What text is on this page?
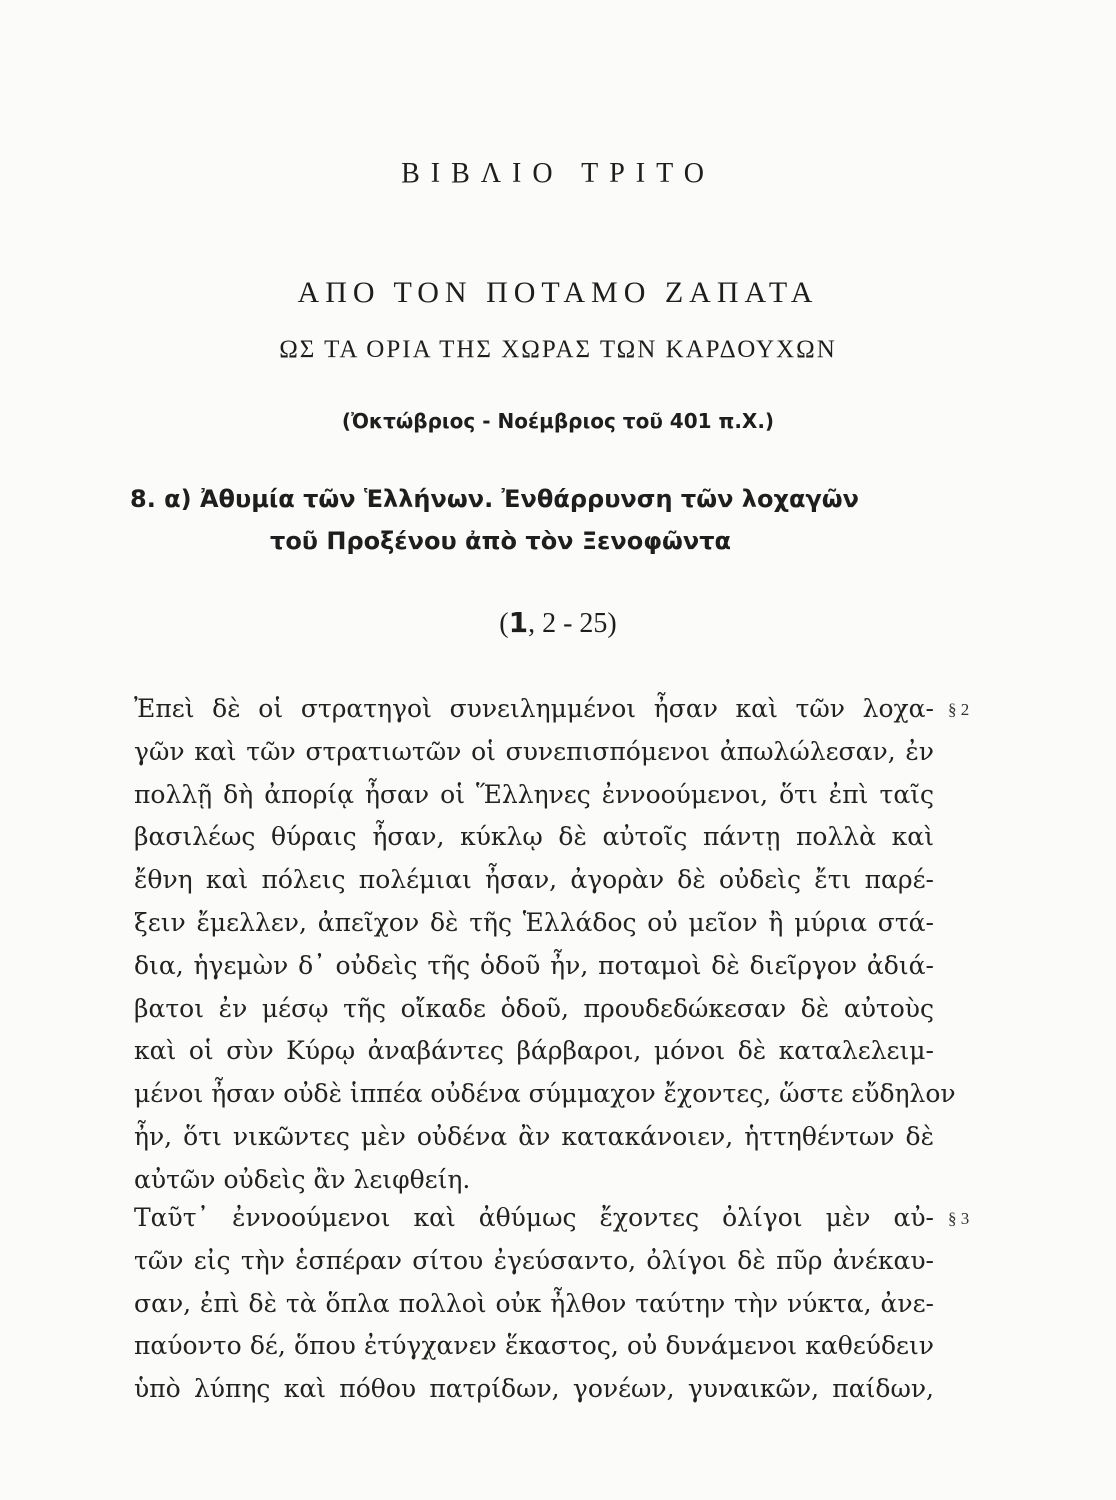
ΒΙΒΛΙΟ ΤΡΙΤΟ
ΑΠΟ ΤΟΝ ΠΟΤΑΜΟ ΖΑΠΑΤΑ
ΩΣ ΤΑ ΟΡΙΑ ΤΗΣ ΧΩΡΑΣ ΤΩΝ ΚΑΡΔΟΥΧΩΝ

(Ὀκτώβριος - Νοέμβριος τοῦ 401 π.Χ.)

8. α) Ἀθυμία τῶν Ἑλλήνων. Ἐνθάρρυνση τῶν λοχαγῶν
τοῦ Προξένου ἀπὸ τὸν Ξενοφῶντα

(1, 2 - 25)

Ἐπεὶ δὲ οἱ στρατηγοὶ συνειλημμένοι ἦσαν καὶ τῶν λοχα-
γῶν καὶ τῶν στρατιωτῶν οἱ συνεπισπόμενοι ἀπωλώλεσαν, ἐν
πολλῇ δὴ ἀπορίᾳ ἦσαν οἱ Ἕλληνες ἐννοούμενοι, ὅτι ἐπὶ ταῖς
βασιλέως θύραις ἦσαν, κύκλῳ δὲ αὐτοῖς πάντῃ πολλὰ καὶ
ἔθνη καὶ πόλεις πολέμιαι ἦσαν, ἀγορὰν δὲ οὐδεὶς ἔτι παρέ-
ξειν ἔμελλεν, ἀπεῖχον δὲ τῆς Ἑλλάδος οὐ μεῖον ἢ μύρια στά-
δια, ἡγεμὼν δ᾽ οὐδεὶς τῆς ὁδοῦ ἦν, ποταμοὶ δὲ διεῖργον ἀδιά-
βατοι ἐν μέσῳ τῆς οἴκαδε ὁδοῦ, προυδεδώκεσαν δὲ αὐτοὺς
καὶ οἱ σὺν Κύρῳ ἀναβάντες βάρβαροι, μόνοι δὲ καταλελειμ-
μένοι ἦσαν οὐδὲ ἱππέα οὐδένα σύμμαχον ἔχοντες, ὥστε εὔδηλον
ἦν, ὅτι νικῶντες μὲν οὐδένα ἂν κατακάνοιεν, ἡττηθέντων δὲ
αὐτῶν οὐδεὶς ἂν λειφθείη.
§ 2
Ταῦτ᾽ ἐννοούμενοι καὶ ἀθύμως ἔχοντες ὀλίγοι μὲν αὐ-
τῶν εἰς τὴν ἑσπέραν σίτου ἐγεύσαντο, ὀλίγοι δὲ πῦρ ἀνέκαυ-
σαν, ἐπὶ δὲ τὰ ὅπλα πολλοὶ οὐκ ἦλθον ταύτην τὴν νύκτα, ἀνε-
παύοντο δέ, ὅπου ἐτύγχανεν ἕκαστος, οὐ δυνάμενοι καθεύδειν
ὑπὸ λύπης καὶ πόθου πατρίδων, γονέων, γυναικῶν, παίδων,
§ 3
